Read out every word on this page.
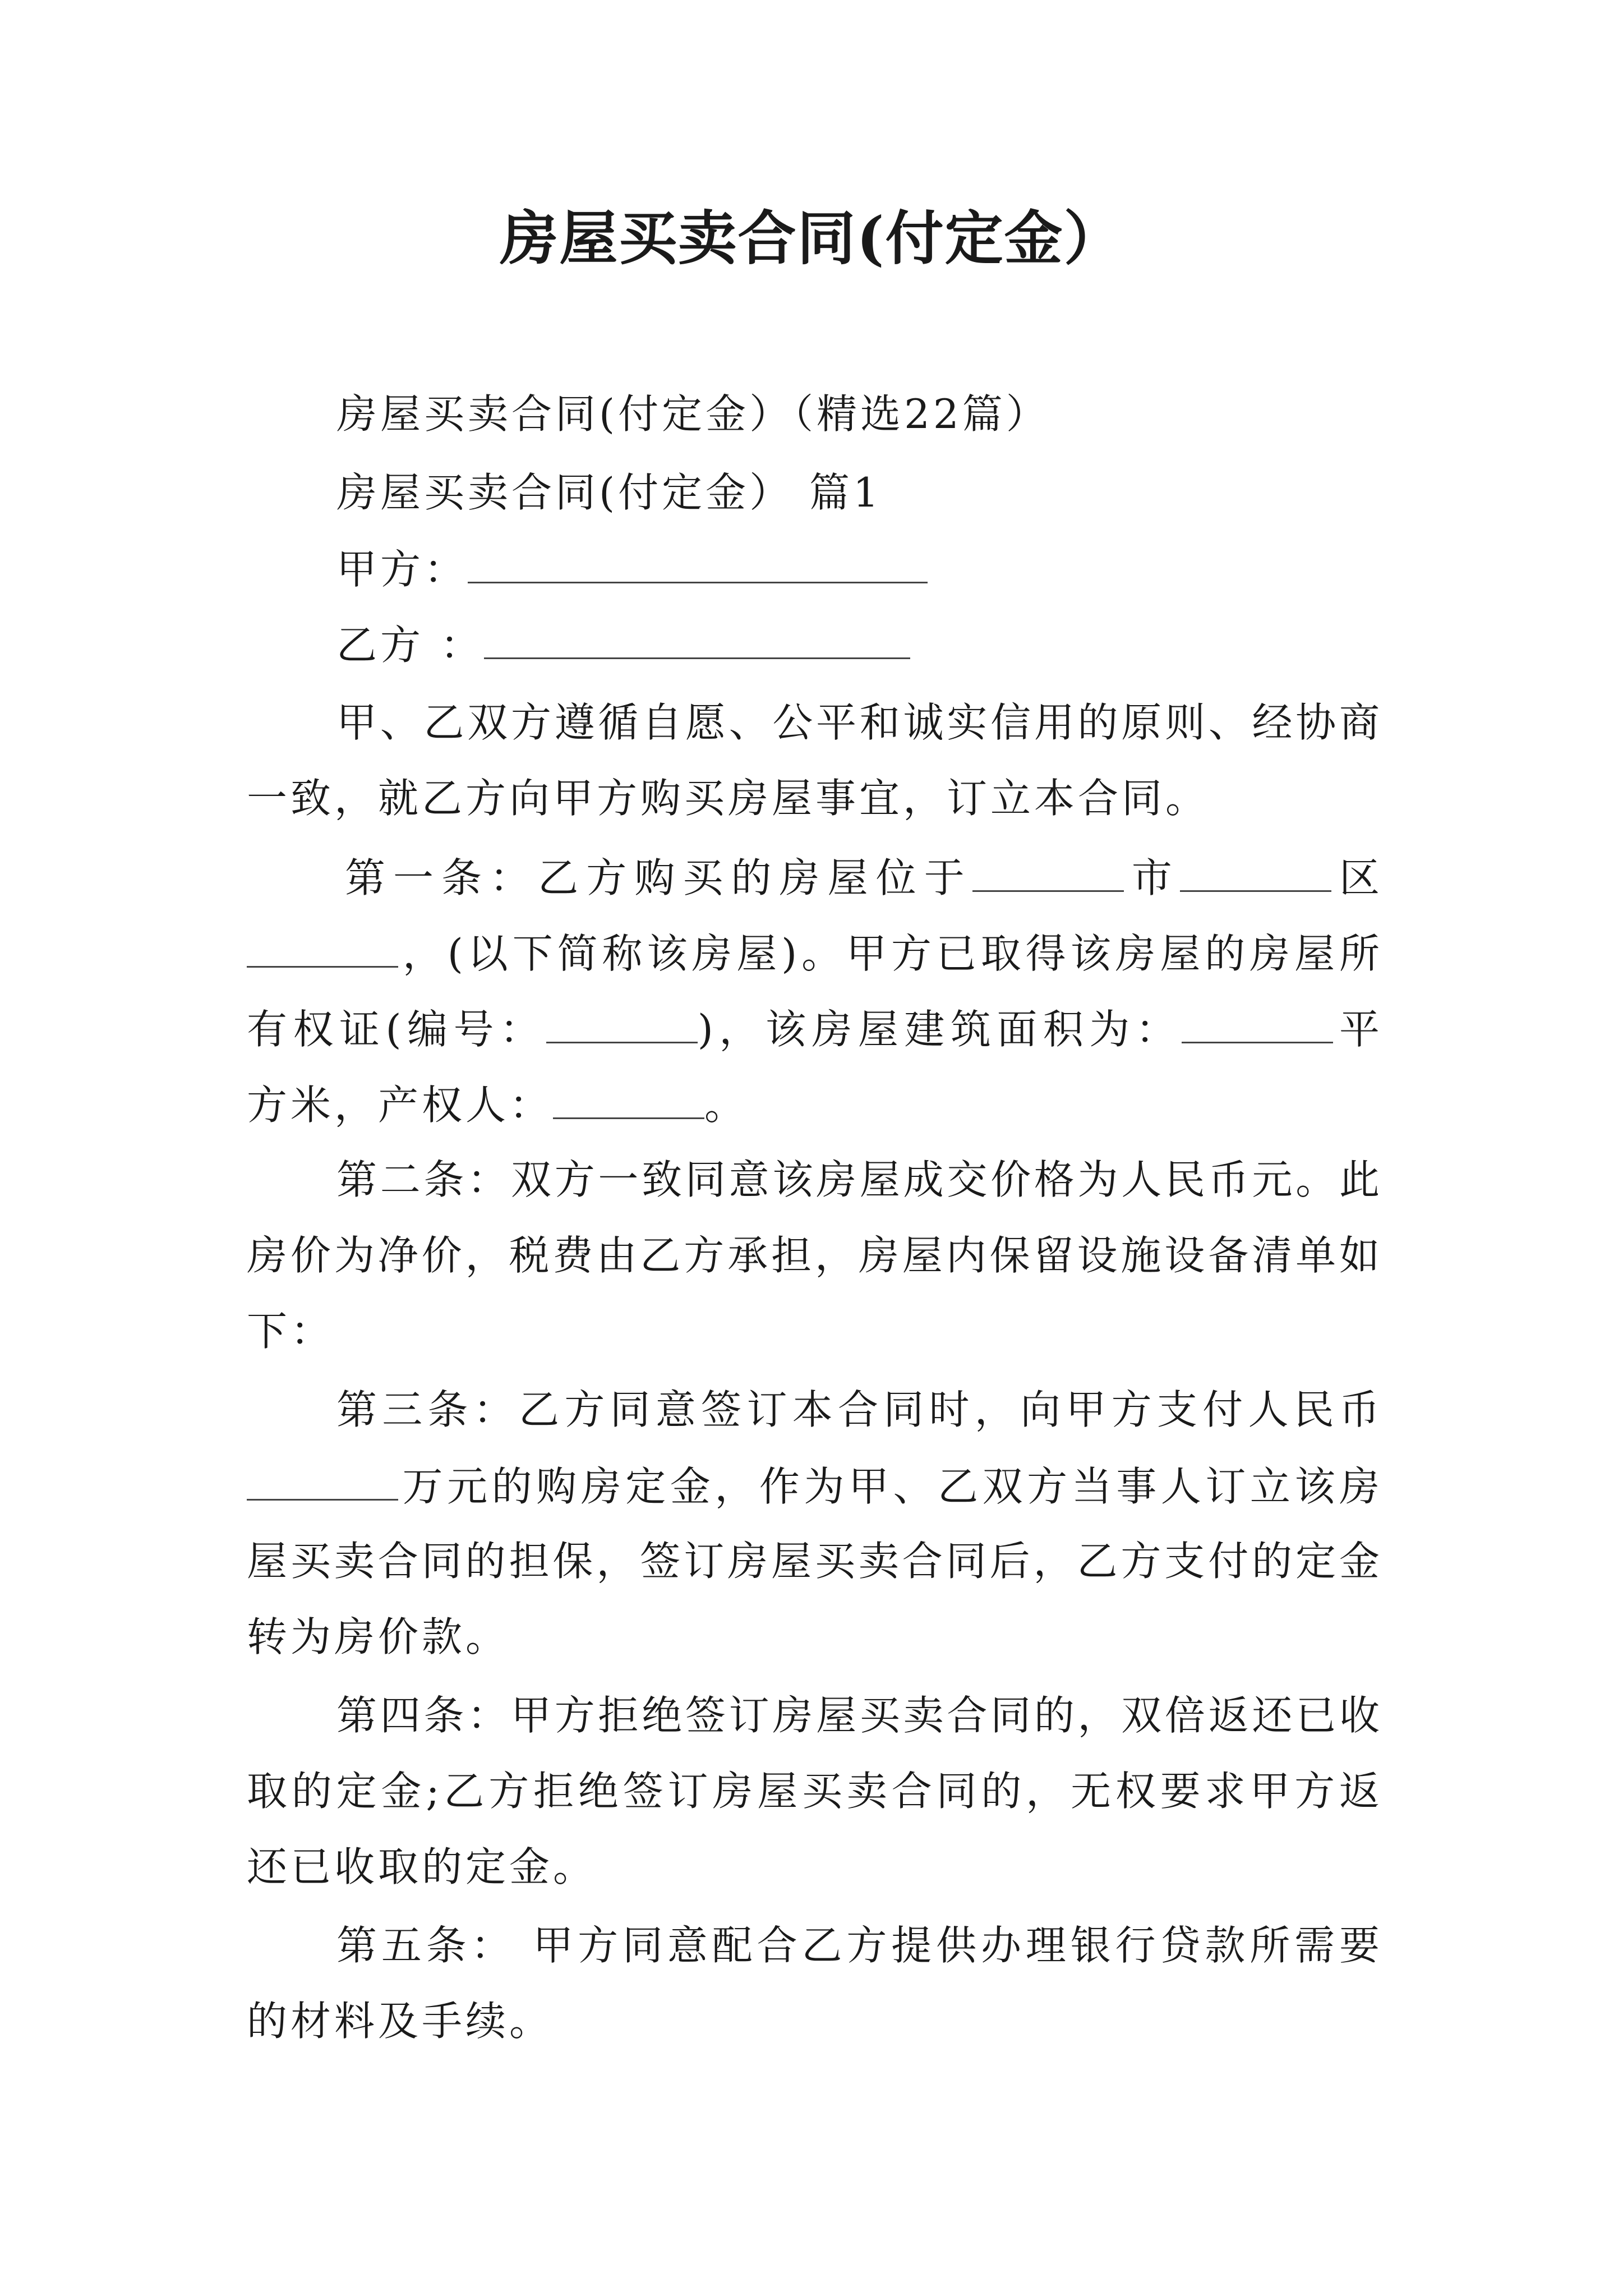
房屋买卖合同(付定金）
房屋买卖合同(付定金）（精选22篇）
房屋买卖合同(付定金） 篇1
甲方：
乙方 ：
甲、乙双方遵循自愿、公平和诚实信用的原则、经协商
一致，就乙方向甲方购买房屋事宜，订立本合同。
第一条：乙方购买的房屋位于	市	区
，(以下简称该房屋)。甲方已取得该房屋的房屋所
有权证(编号：	)，该房屋建筑面积为：	平
方米，产权人：	。
第二条：双方一致同意该房屋成交价格为人民币元。此
房价为净价，税费由乙方承担，房屋内保留设施设备清单如
下：
第三条：乙方同意签订本合同时，向甲方支付人民币
万元的购房定金，作为甲、乙双方当事人订立该房
屋买卖合同的担保，签订房屋买卖合同后，乙方支付的定金
转为房价款。
第四条：甲方拒绝签订房屋买卖合同的，双倍返还已收
取的定金;乙方拒绝签订房屋买卖合同的，无权要求甲方返
还已收取的定金。
第五条： 甲方同意配合乙方提供办理银行贷款所需要
的材料及手续。
